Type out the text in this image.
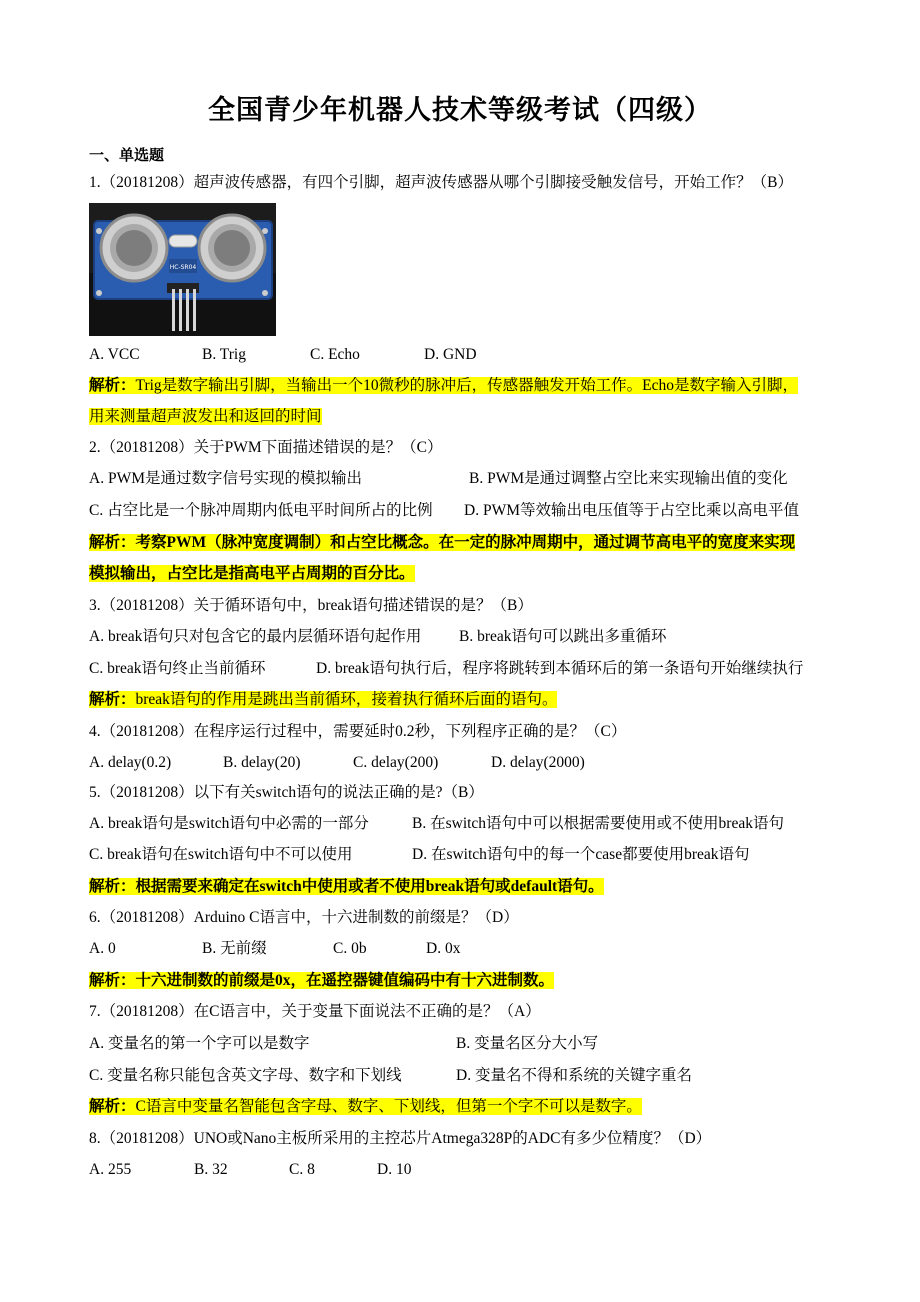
全国青少年机器人技术等级考试（四级）
一、单选题
1.（20181208）超声波传感器，有四个引脚，超声波传感器从哪个引脚接受触发信号，开始工作？（B）
HC-SR04
A. VCC	B. Trig	C. Echo	D. GND
解析：Trig是数字输出引脚，当输出一个10微秒的脉冲后，传感器触发开始工作。Echo是数字输入引脚，
用来测量超声波发出和返回的时间
2.（20181208）关于PWM下面描述错误的是？（C）
A. PWM是通过数字信号实现的模拟输出	B. PWM是通过调整占空比来实现输出值的变化
C. 占空比是一个脉冲周期内低电平时间所占的比例 D. PWM等效输出电压值等于占空比乘以高电平值
解析：考察PWM（脉冲宽度调制）和占空比概念。在一定的脉冲周期中，通过调节高电平的宽度来实现
模拟输出，占空比是指高电平占周期的百分比。
3.（20181208）关于循环语句中，break语句描述错误的是？（B）
A. break语句只对包含它的最内层循环语句起作用 B. break语句可以跳出多重循环
C. break语句终止当前循环	D. break语句执行后，程序将跳转到本循环后的第一条语句开始继续执行
解析：break语句的作用是跳出当前循环，接着执行循环后面的语句。
4.（20181208）在程序运行过程中，需要延时0.2秒，下列程序正确的是？（C）
A. delay(0.2)	B. delay(20)	C. delay(200)	D. delay(2000)
5.（20181208）以下有关switch语句的说法正确的是?（B）
A. break语句是switch语句中必需的一部分	B. 在switch语句中可以根据需要使用或不使用break语句
C. break语句在switch语句中不可以使用	D. 在switch语句中的每一个case都要使用break语句
解析：根据需要来确定在switch中使用或者不使用break语句或default语句。
6.（20181208）Arduino C语言中，十六进制数的前缀是？（D）
A. 0	B. 无前缀	C. 0b	D. 0x
解析：十六进制数的前缀是0x，在遥控器键值编码中有十六进制数。
7.（20181208）在C语言中，关于变量下面说法不正确的是？（A）
A. 变量名的第一个字可以是数字	B. 变量名区分大小写
C. 变量名称只能包含英文字母、数字和下划线	D. 变量名不得和系统的关键字重名
解析：C语言中变量名智能包含字母、数字、下划线，但第一个字不可以是数字。
8.（20181208）UNO或Nano主板所采用的主控芯片Atmega328P的ADC有多少位精度？（D）
A. 255	B. 32	C. 8	D. 10
